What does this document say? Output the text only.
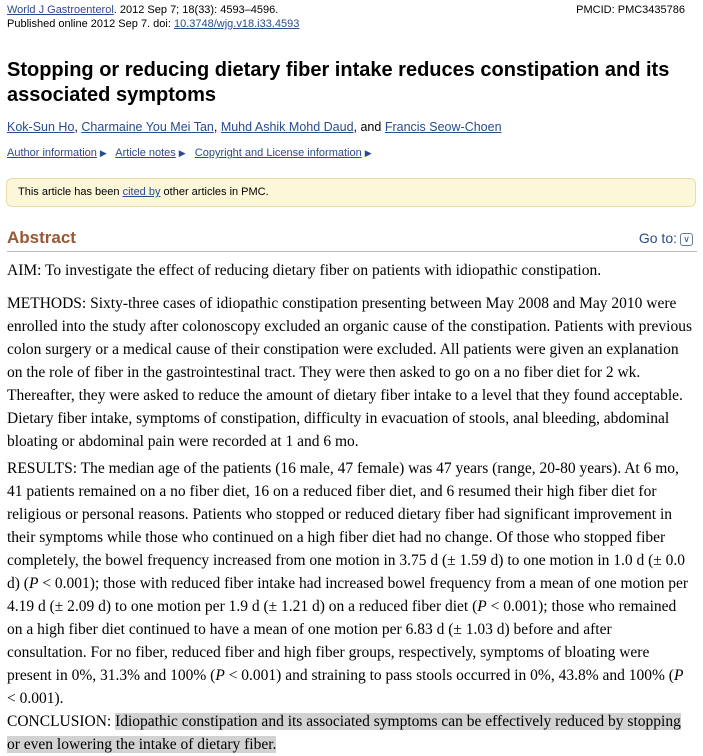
World J Gastroenterol. 2012 Sep 7; 18(33): 4593–4596.
Published online 2012 Sep 7. doi: 10.3748/wjg.v18.i33.4593
PMCID: PMC3435786
Stopping or reducing dietary fiber intake reduces constipation and its associated symptoms
Kok-Sun Ho, Charmaine You Mei Tan, Muhd Ashik Mohd Daud, and Francis Seow-Choen
Author information ▶ Article notes ▶ Copyright and License information ▶
This article has been cited by other articles in PMC.
Abstract	Go to: ∨

AIM: To investigate the effect of reducing dietary fiber on patients with idiopathic constipation.

METHODS: Sixty-three cases of idiopathic constipation presenting between May 2008 and May 2010 were enrolled into the study after colonoscopy excluded an organic cause of the constipation. Patients with previous colon surgery or a medical cause of their constipation were excluded. All patients were given an explanation on the role of fiber in the gastrointestinal tract. They were then asked to go on a no fiber diet for 2 wk. Thereafter, they were asked to reduce the amount of dietary fiber intake to a level that they found acceptable. Dietary fiber intake, symptoms of constipation, difficulty in evacuation of stools, anal bleeding, abdominal bloating or abdominal pain were recorded at 1 and 6 mo.

RESULTS: The median age of the patients (16 male, 47 female) was 47 years (range, 20-80 years). At 6 mo, 41 patients remained on a no fiber diet, 16 on a reduced fiber diet, and 6 resumed their high fiber diet for religious or personal reasons. Patients who stopped or reduced dietary fiber had significant improvement in their symptoms while those who continued on a high fiber diet had no change. Of those who stopped fiber completely, the bowel frequency increased from one motion in 3.75 d (± 1.59 d) to one motion in 1.0 d (± 0.0 d) (P < 0.001); those with reduced fiber intake had increased bowel frequency from a mean of one motion per 4.19 d (± 2.09 d) to one motion per 1.9 d (± 1.21 d) on a reduced fiber diet (P < 0.001); those who remained on a high fiber diet continued to have a mean of one motion per 6.83 d (± 1.03 d) before and after consultation. For no fiber, reduced fiber and high fiber groups, respectively, symptoms of bloating were present in 0%, 31.3% and 100% (P < 0.001) and straining to pass stools occurred in 0%, 43.8% and 100% (P < 0.001).

CONCLUSION: Idiopathic constipation and its associated symptoms can be effectively reduced by stopping or even lowering the intake of dietary fiber.
